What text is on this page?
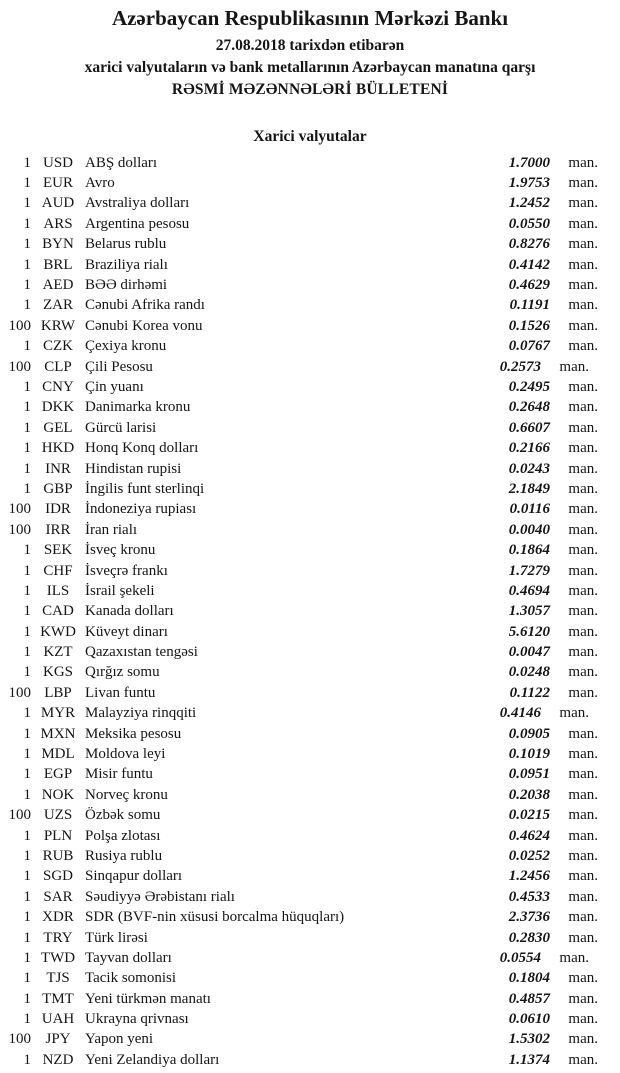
Azərbaycan Respublikasının Mərkəzi Bankı
27.08.2018 tarixdən etibarən
xarici valyutaların və bank metallarının Azərbaycan manatına qarşı
RƏSMİ MƏZƏNNƏLƏRİ BÜLLETENİ
Xarici valyutalar
1 USD ABŞ dolları	1.7000	man.
1 EUR Avro	1.9753	man.
1 AUD Avstraliya dolları	1.2452	man.
1 ARS Argentina pesosu	0.0550	man.
1 BYN Belarus rublu	0.8276	man.
1 BRL Braziliya rialı	0.4142	man.
1 AED BƏƏ dirhəmi	0.4629	man.
1 ZAR Cənubi Afrika randı	0.1191	man.
100 KRW Cənubi Korea vonu	0.1526	man.
1 CZK Çexiya kronu	0.0767	man.
100 CLP Çili Pesosu	0.2573	man.
1 CNY Çin yuanı	0.2495	man.
1 DKK Danimarka kronu	0.2648	man.
1 GEL Gürcü larisi	0.6607	man.
1 HKD Honq Konq dolları	0.2166	man.
1 INR Hindistan rupisi	0.0243	man.
1 GBP İngilis funt sterlinqi	2.1849	man.
100 IDR İndoneziya rupiası	0.0116	man.
100 IRR İran rialı	0.0040	man.
1 SEK İsveç kronu	0.1864	man.
1 CHF İsveçrə frankı	1.7279	man.
1	ILS	İsrail şekeli	0.4694	man.
1 CAD Kanada dolları	1.3057	man.
1 KWD Küveyt dinarı	5.6120	man.
1 KZT Qazaxıstan tengəsi	0.0047	man.
1 KGS Qırğız somu	0.0248	man.
100 LBP Livan funtu	0.1122	man.
1 MYR Malayziya rinqqiti	0.4146	man.
1 MXN Meksika pesosu	0.0905	man.
1 MDL Moldova leyi	0.1019	man.
1 EGP Misir funtu	0.0951	man.
1 NOK Norveç kronu	0.2038	man.
100 UZS Özbək somu	0.0215	man.
1 PLN Polşa zlotası	0.4624	man.
1 RUB Rusiya rublu	0.0252	man.
1 SGD Sinqapur dolları	1.2456	man.
1 SAR Səudiyyə Ərəbistanı rialı	0.4533	man.
1 XDR SDR (BVF-nin xüsusi borcalma hüquqları)	2.3736	man.
1 TRY Türk lirəsi	0.2830	man.
1 TWD Tayvan dolları	0.0554	man.
1	TJS	Tacik somonisi	0.1804	man.
1 TMT Yeni türkmən manatı	0.4857	man.
1 UAH Ukrayna qrivnası	0.0610	man.
100 JPY Yapon yeni	1.5302	man.
1 NZD Yeni Zelandiya dolları	1.1374	man.
